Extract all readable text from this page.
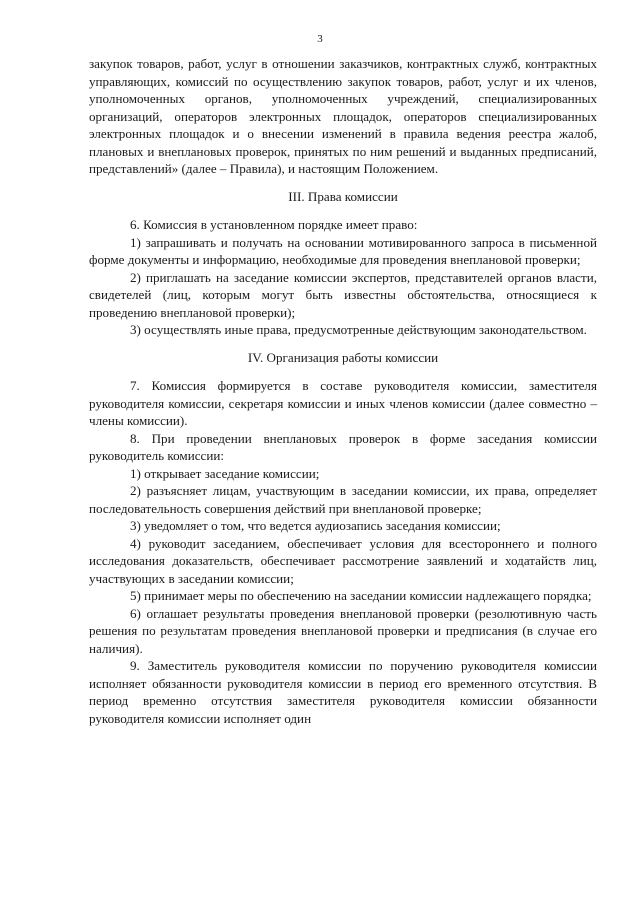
3

закупок товаров, работ, услуг в отношении заказчиков, контрактных служб, контрактных управляющих, комиссий по осуществлению закупок товаров, работ, услуг и их членов, уполномоченных органов, уполномоченных учреждений, специализированных организаций, операторов электронных площадок, операторов специализированных электронных площадок и о внесении изменений в правила ведения реестра жалоб, плановых и внеплановых проверок, принятых по ним решений и выданных предписаний, представлений» (далее – Правила), и настоящим Положением.

III. Права комиссии

6. Комиссия в установленном порядке имеет право:

1) запрашивать и получать на основании мотивированного запроса в письменной форме документы и информацию, необходимые для проведения внеплановой проверки;

2) приглашать на заседание комиссии экспертов, представителей органов власти, свидетелей (лиц, которым могут быть известны обстоятельства, относящиеся к проведению внеплановой проверки);

3) осуществлять иные права, предусмотренные действующим законодательством.

IV. Организация работы комиссии

7. Комиссия формируется в составе руководителя комиссии, заместителя руководителя комиссии, секретаря комиссии и иных членов комиссии (далее совместно – члены комиссии).

8. При проведении внеплановых проверок в форме заседания комиссии руководитель комиссии:

1) открывает заседание комиссии;

2) разъясняет лицам, участвующим в заседании комиссии, их права, определяет последовательность совершения действий при внеплановой проверке;

3) уведомляет о том, что ведется аудиозапись заседания комиссии;

4) руководит заседанием, обеспечивает условия для всестороннего и полного исследования доказательств, обеспечивает рассмотрение заявлений и ходатайств лиц, участвующих в заседании комиссии;

5) принимает меры по обеспечению на заседании комиссии надлежащего порядка;

6) оглашает результаты проведения внеплановой проверки (резолютивную часть решения по результатам проведения внеплановой проверки и предписания (в случае его наличия).

9. Заместитель руководителя комиссии по поручению руководителя комиссии исполняет обязанности руководителя комиссии в период его временного отсутствия. В период временно отсутствия заместителя руководителя комиссии обязанности руководителя комиссии исполняет один
